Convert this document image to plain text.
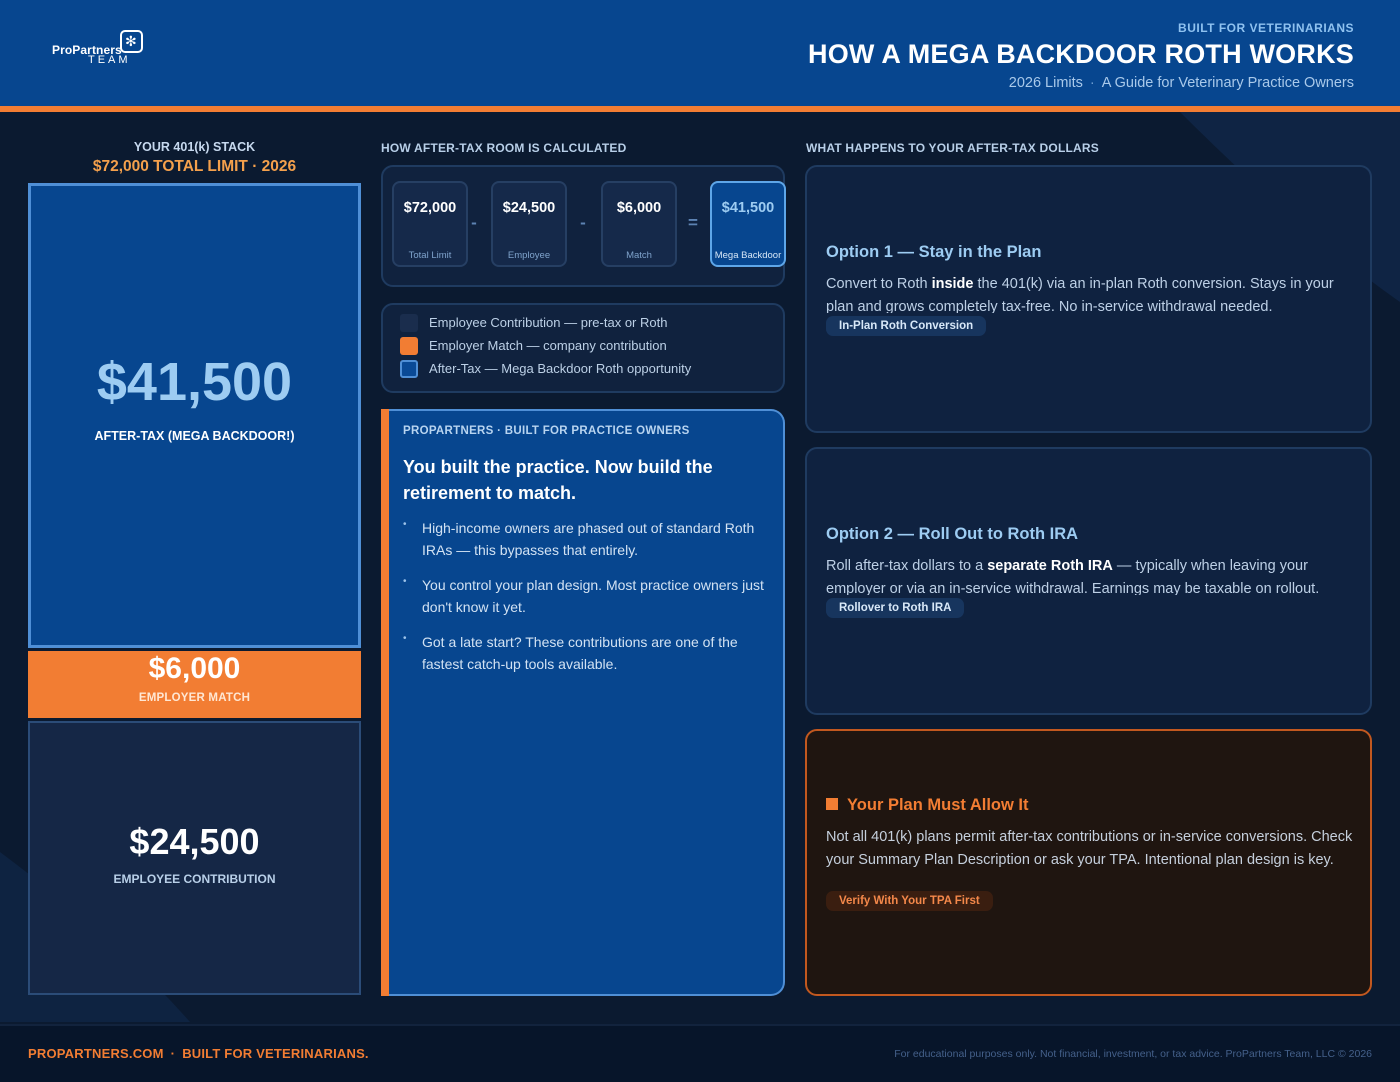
ProPartners
TEAM
✻
BUILT FOR VETERINARIANS
HOW A MEGA BACKDOOR ROTH WORKS
2026 Limits · A Guide for Veterinary Practice Owners
YOUR 401(k) STACK
$72,000 TOTAL LIMIT · 2026
$41,500
AFTER-TAX (MEGA BACKDOOR!)
$6,000
EMPLOYER MATCH
$24,500
EMPLOYEE CONTRIBUTION
HOW AFTER-TAX ROOM IS CALCULATED
$72,000
Total Limit
-
$24,500
Employee
-
$6,000
Match
=
$41,500
Mega Backdoor
Employee Contribution — pre-tax or Roth
Employer Match — company contribution
After-Tax — Mega Backdoor Roth opportunity
PROPARTNERS · BUILT FOR PRACTICE OWNERS
You built the practice. Now build the retirement to match.
• High-income owners are phased out of standard Roth IRAs — this bypasses that entirely.
• You control your plan design. Most practice owners just don't know it yet.
• Got a late start? These contributions are one of the fastest catch-up tools available.
WHAT HAPPENS TO YOUR AFTER-TAX DOLLARS
Option 1 — Stay in the Plan
Convert to Roth inside the 401(k) via an in-plan Roth conversion. Stays in your plan and grows completely tax-free. No in-service withdrawal needed.
In-Plan Roth Conversion
Option 2 — Roll Out to Roth IRA
Roll after-tax dollars to a separate Roth IRA — typically when leaving your employer or via an in-service withdrawal. Earnings may be taxable on rollout.
Rollover to Roth IRA
Your Plan Must Allow It
Not all 401(k) plans permit after-tax contributions or in-service conversions. Check your Summary Plan Description or ask your TPA. Intentional plan design is key.
Verify With Your TPA First
PROPARTNERS.COM · BUILT FOR VETERINARIANS.	For educational purposes only. Not financial, investment, or tax advice. ProPartners Team, LLC © 2026
